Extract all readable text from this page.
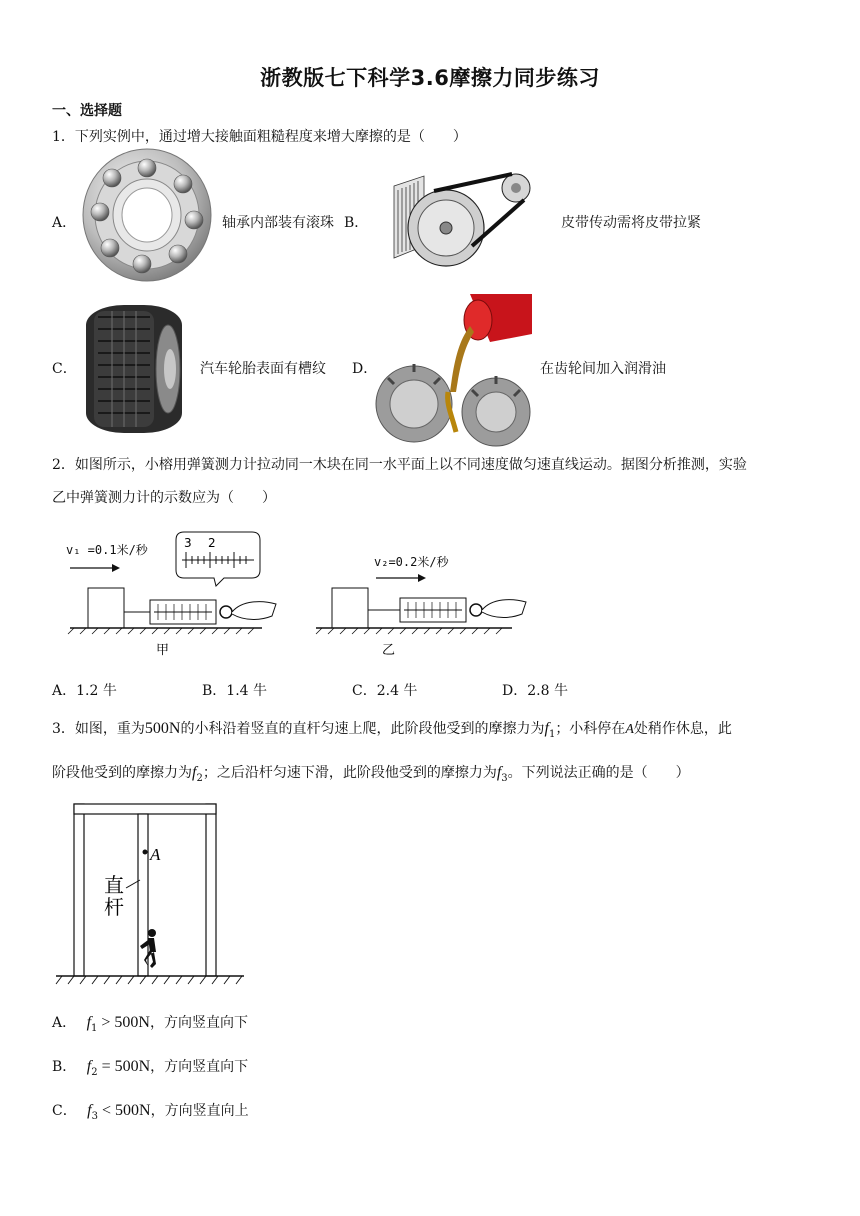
浙教版七下科学3.6摩擦力同步练习
一、选择题
1．下列实例中，通过增大接触面粗糙程度来增大摩擦的是（　　）
A．	轴承内部装有滚珠 B．	皮带传动需将皮带拉紧
C．	汽车轮胎表面有槽纹 D．	在齿轮间加入润滑油
2．如图所示，小榕用弹簧测力计拉动同一木块在同一水平面上以不同速度做匀速直线运动。据图分析推测，实验
乙中弹簧测力计的示数应为（　　）
v₁ =0.1米/秒	3 2
甲
v₂=0.2米/秒
乙
A．1.2 牛	B．1.4 牛	C．2.4 牛	D．2.8 牛
3．如图，重为500N的小科沿着竖直的直杆匀速上爬，此阶段他受到的摩擦力为$f_1$；小科停在A处稍作休息，此
阶段他受到的摩擦力为$f_2$；之后沿杆匀速下滑，此阶段他受到的摩擦力为$f_3$。下列说法正确的是（　　）
A
直
杆
A． $f_1 > 500N$，方向竖直向下
B． $f_2 = 500N$，方向竖直向下
C． $f_3 < 500N$，方向竖直向上
